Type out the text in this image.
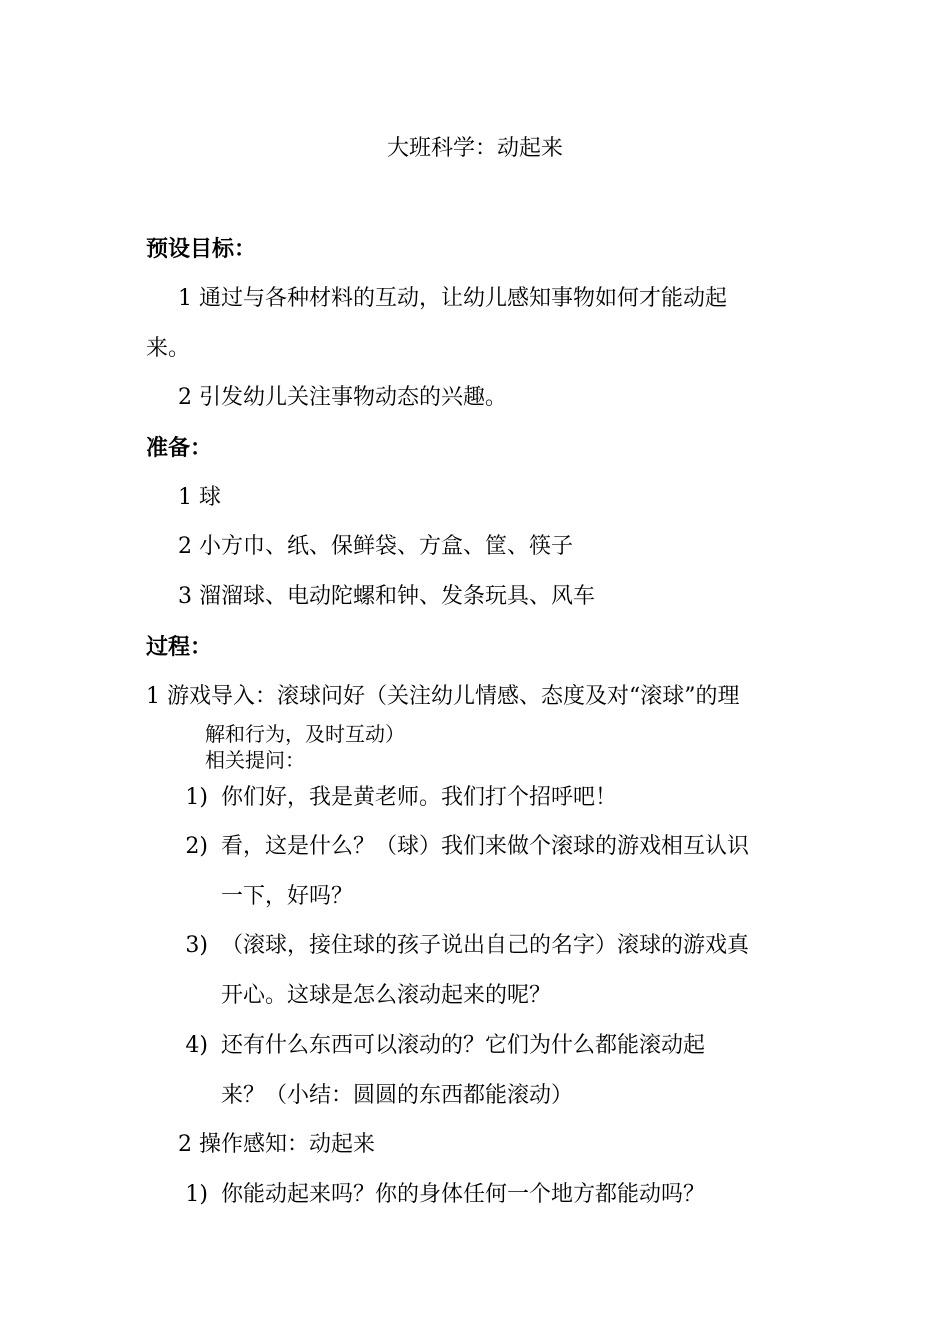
大班科学：动起来
预设目标：
1 通过与各种材料的互动，让幼儿感知事物如何才能动起
来。
2 引发幼儿关注事物动态的兴趣。
准备：
1 球
2 小方巾、纸、保鲜袋、方盒、筐、筷子
3 溜溜球、电动陀螺和钟、发条玩具、风车
过程：
1 游戏导入：滚球问好（关注幼儿情感、态度及对“滚球”的理
解和行为，及时互动）
相关提问：
1) 你们好，我是黄老师。我们打个招呼吧！
2) 看，这是什么？（球）我们来做个滚球的游戏相互认识
一下，好吗？
3) （滚球，接住球的孩子说出自己的名字）滚球的游戏真
开心。这球是怎么滚动起来的呢？
4) 还有什么东西可以滚动的？它们为什么都能滚动起
来？（小结：圆圆的东西都能滚动）
2 操作感知：动起来
1) 你能动起来吗？你的身体任何一个地方都能动吗？
